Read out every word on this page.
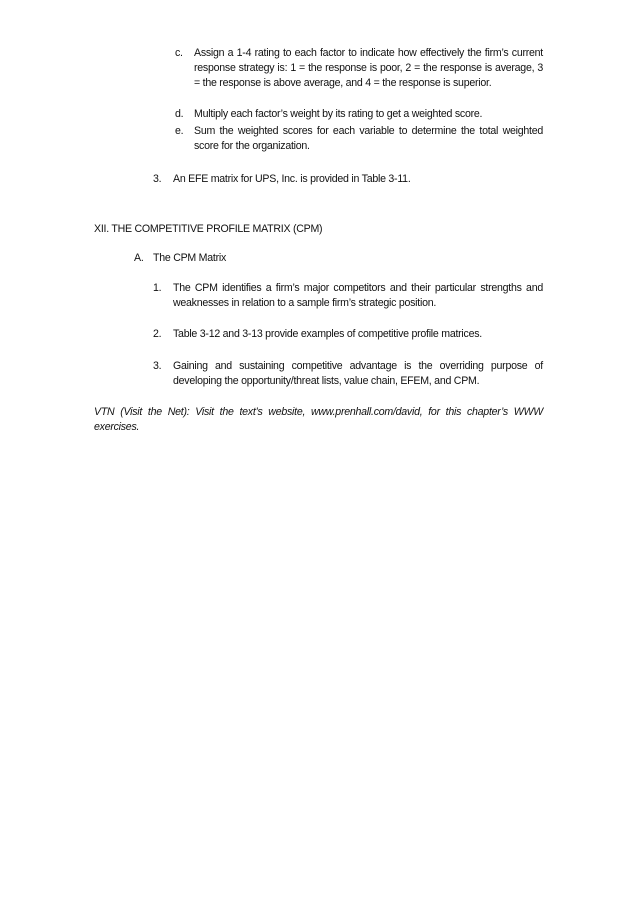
c.	Assign a 1-4 rating to each factor to indicate how effectively the firm’s current response strategy is: 1 = the response is poor, 2 = the response is average, 3 = the response is above average, and 4 = the response is superior.
d.	Multiply each factor’s weight by its rating to get a weighted score.
e.	Sum the weighted scores for each variable to determine the total weighted score for the organization.
3.	An EFE matrix for UPS, Inc. is provided in Table 3-11.
XII. THE COMPETITIVE PROFILE MATRIX (CPM)
A. The CPM Matrix
1.	The CPM identifies a firm’s major competitors and their particular strengths and weaknesses in relation to a sample firm’s strategic position.
2.	Table 3-12 and 3-13 provide examples of competitive profile matrices.
3.	Gaining and sustaining competitive advantage is the overriding purpose of developing the opportunity/threat lists, value chain, EFEM, and CPM.
VTN (Visit the Net): Visit the text’s website, www.prenhall.com/david, for this chapter’s WWW exercises.
